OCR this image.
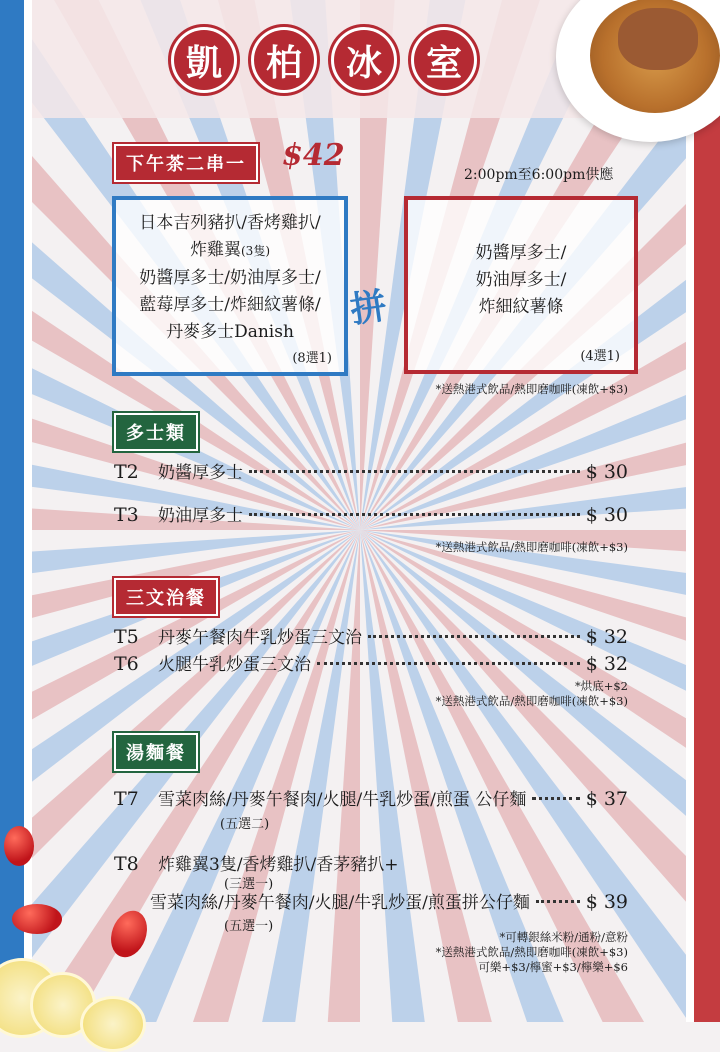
凱	柏	冰	室
下午茶二串一	$42
2:00pm至6:00pm供應
日本吉列豬扒/香烤雞扒/
炸雞翼(3隻)
奶醬厚多士/奶油厚多士/
藍莓厚多士/炸細紋薯條/
丹麥多士Danish
(8選1)
拼
奶醬厚多士/
奶油厚多士/
炸細紋薯條
(4選1)
*送熱港式飲品/熱即磨咖啡(凍飲+$3)
多士類
T2	奶醬厚多士	$ 30
T3	奶油厚多士	$ 30
*送熱港式飲品/熱即磨咖啡(凍飲+$3)
三文治餐
T5	丹麥午餐肉牛乳炒蛋三文治	$ 32
T6	火腿牛乳炒蛋三文治	$ 32
*烘底+$2
*送熱港式飲品/熱即磨咖啡(凍飲+$3)
湯麵餐
T7	雪菜肉絲/丹麥午餐肉/火腿/牛乳炒蛋/煎蛋 公仔麵	$ 37
(五選二)
T8	炸雞翼3隻/香烤雞扒/香茅豬扒+
(三選一)
雪菜肉絲/丹麥午餐肉/火腿/牛乳炒蛋/煎蛋拼公仔麵	$ 39
(五選一)
*可轉銀絲米粉/通粉/意粉
*送熱港式飲品/熱即磨咖啡(凍飲+$3)
可樂+$3/檸蜜+$3/檸樂+$6
